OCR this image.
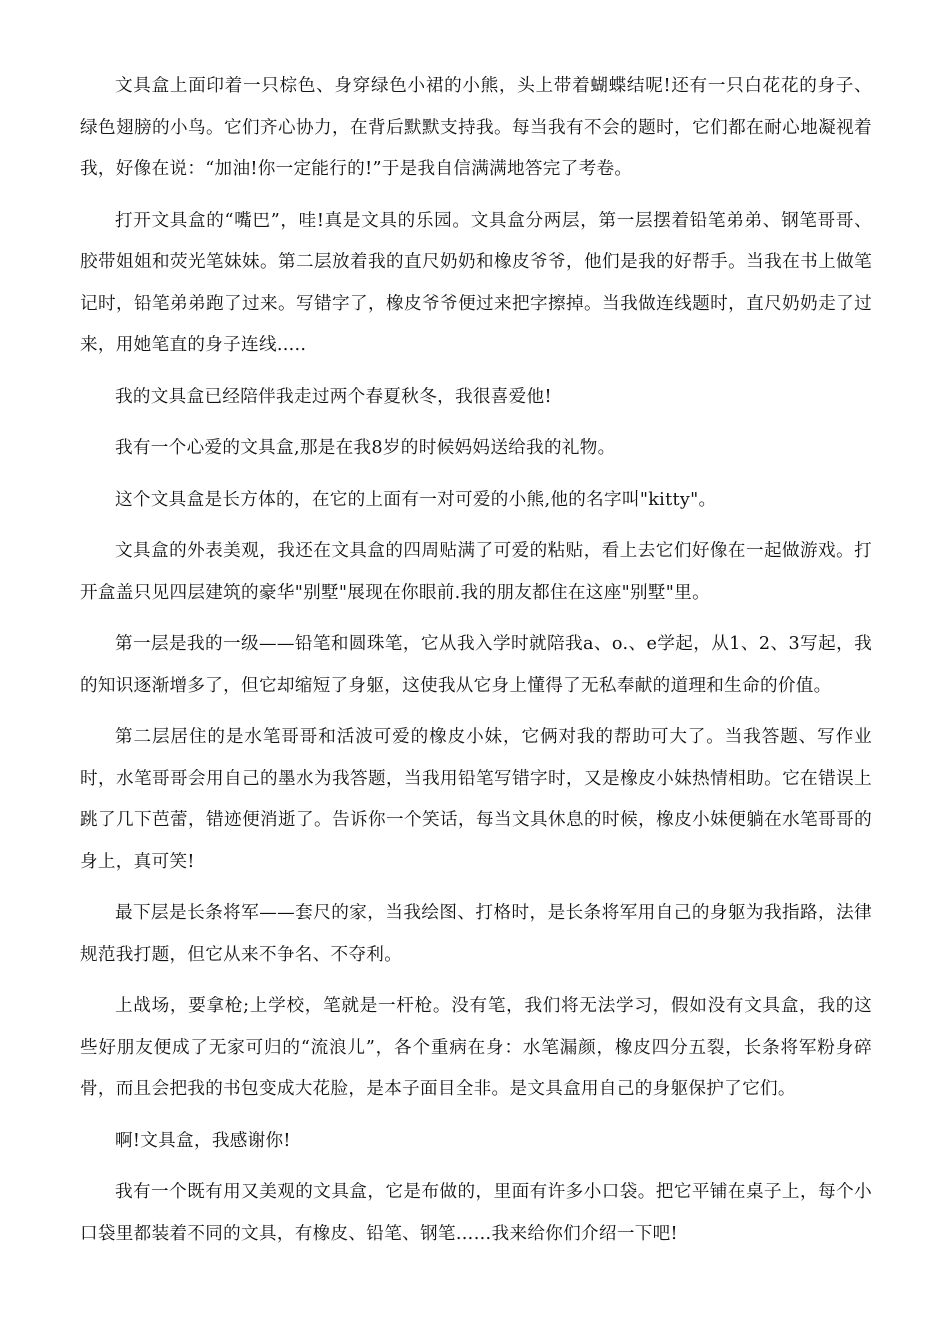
文具盒上面印着一只棕色、身穿绿色小裙的小熊，头上带着蝴蝶结呢!还有一只白花花的身子、绿色翅膀的小鸟。它们齐心协力，在背后默默支持我。每当我有不会的题时，它们都在耐心地凝视着我，好像在说：“加油!你一定能行的!”于是我自信满满地答完了考卷。

打开文具盒的“嘴巴”，哇!真是文具的乐园。文具盒分两层，第一层摆着铅笔弟弟、钢笔哥哥、胶带姐姐和荧光笔妹妹。第二层放着我的直尺奶奶和橡皮爷爷，他们是我的好帮手。当我在书上做笔记时，铅笔弟弟跑了过来。写错字了，橡皮爷爷便过来把字擦掉。当我做连线题时，直尺奶奶走了过来，用她笔直的身子连线.....

我的文具盒已经陪伴我走过两个春夏秋冬，我很喜爱他!

我有一个心爱的文具盒,那是在我8岁的时候妈妈送给我的礼物。

这个文具盒是长方体的，在它的上面有一对可爱的小熊,他的名字叫"kitty"。

文具盒的外表美观，我还在文具盒的四周贴满了可爱的粘贴，看上去它们好像在一起做游戏。打开盒盖只见四层建筑的豪华"别墅"展现在你眼前.我的朋友都住在这座"别墅"里。

第一层是我的一级——铅笔和圆珠笔，它从我入学时就陪我a、o.、e学起，从1、2、3写起，我的知识逐渐增多了，但它却缩短了身躯，这使我从它身上懂得了无私奉献的道理和生命的价值。

第二层居住的是水笔哥哥和活波可爱的橡皮小妹，它俩对我的帮助可大了。当我答题、写作业时，水笔哥哥会用自己的墨水为我答题，当我用铅笔写错字时，又是橡皮小妹热情相助。它在错误上跳了几下芭蕾，错迹便消逝了。告诉你一个笑话，每当文具休息的时候，橡皮小妹便躺在水笔哥哥的身上，真可笑!

最下层是长条将军——套尺的家，当我绘图、打格时，是长条将军用自己的身躯为我指路，法律规范我打题，但它从来不争名、不夺利。

上战场，要拿枪;上学校，笔就是一杆枪。没有笔，我们将无法学习，假如没有文具盒，我的这些好朋友便成了无家可归的“流浪儿”，各个重病在身：水笔漏颜，橡皮四分五裂，长条将军粉身碎骨，而且会把我的书包变成大花脸，是本子面目全非。是文具盒用自己的身躯保护了它们。

啊!文具盒，我感谢你!

我有一个既有用又美观的文具盒，它是布做的，里面有许多小口袋。把它平铺在桌子上，每个小口袋里都装着不同的文具，有橡皮、铅笔、钢笔……我来给你们介绍一下吧!
